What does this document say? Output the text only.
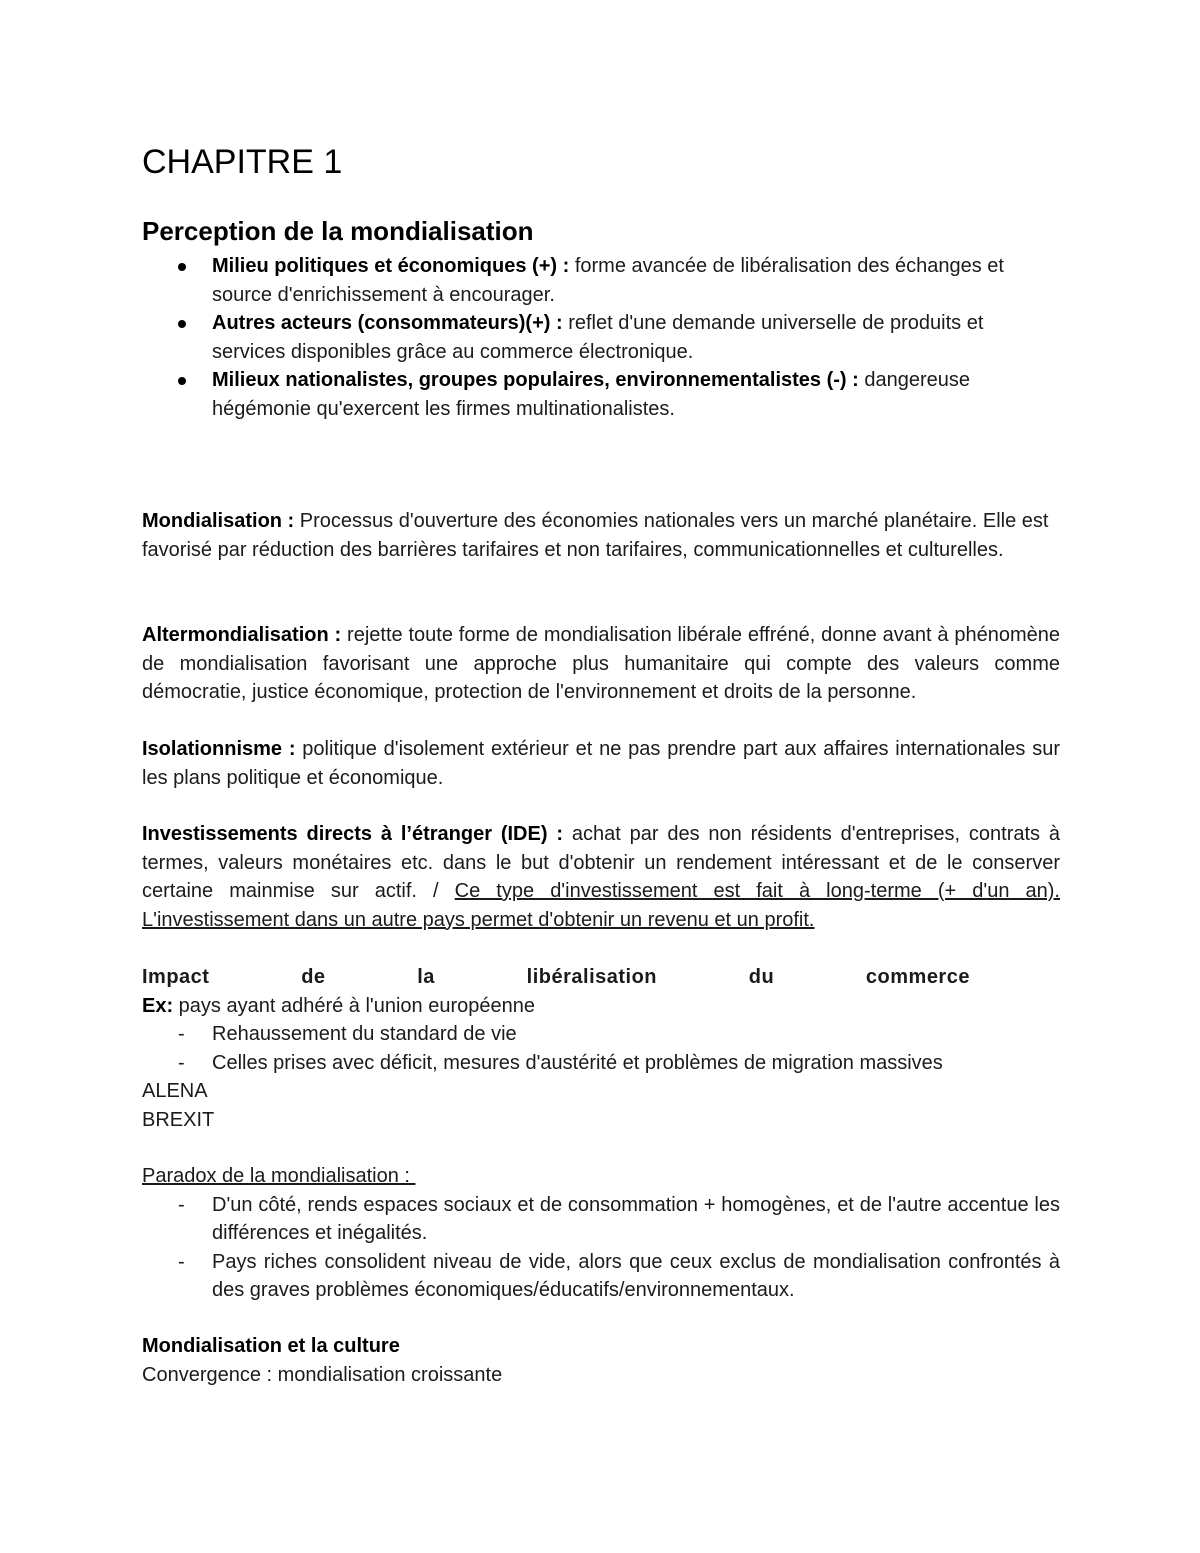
CHAPITRE 1
Perception de la mondialisation
Milieu politiques et économiques (+) : forme avancée de libéralisation des échanges et source d'enrichissement à encourager.
Autres acteurs (consommateurs)(+) : reflet d'une demande universelle de produits et services disponibles grâce au commerce électronique.
Milieux nationalistes, groupes populaires, environnementalistes (-) : dangereuse hégémonie qu'exercent les firmes multinationalistes.

Mondialisation : Processus d'ouverture des économies nationales vers un marché planétaire. Elle est favorisé par réduction des barrières tarifaires et non tarifaires, communicationnelles et culturelles.

Altermondialisation : rejette toute forme de mondialisation libérale effréné, donne avant à phénomène de mondialisation favorisant une approche plus humanitaire qui compte des valeurs comme démocratie, justice économique, protection de l'environnement et droits de la personne.

Isolationnisme : politique d'isolement extérieur et ne pas prendre part aux affaires internationales sur les plans politique et économique.

Investissements directs à l’étranger (IDE) : achat par des non résidents d'entreprises, contrats à termes, valeurs monétaires etc. dans le but d'obtenir un rendement intéressant et de le conserver certaine mainmise sur actif. / Ce type d'investissement est fait à long-terme (+ d'un an). L'investissement dans un autre pays permet d'obtenir un revenu et un profit.

Impact	de	la	libéralisation	du	commerce
Ex: pays ayant adhéré à l'union européenne
- Rehaussement du standard de vie
- Celles prises avec déficit, mesures d'austérité et problèmes de migration massives
ALENA
BREXIT
Paradox de la mondialisation :
- D'un côté, rends espaces sociaux et de consommation + homogènes, et de l'autre accentue les différences et inégalités.
- Pays riches consolident niveau de vide, alors que ceux exclus de mondialisation confrontés à des graves problèmes économiques/éducatifs/environnementaux.
Mondialisation et la culture
Convergence : mondialisation croissante
